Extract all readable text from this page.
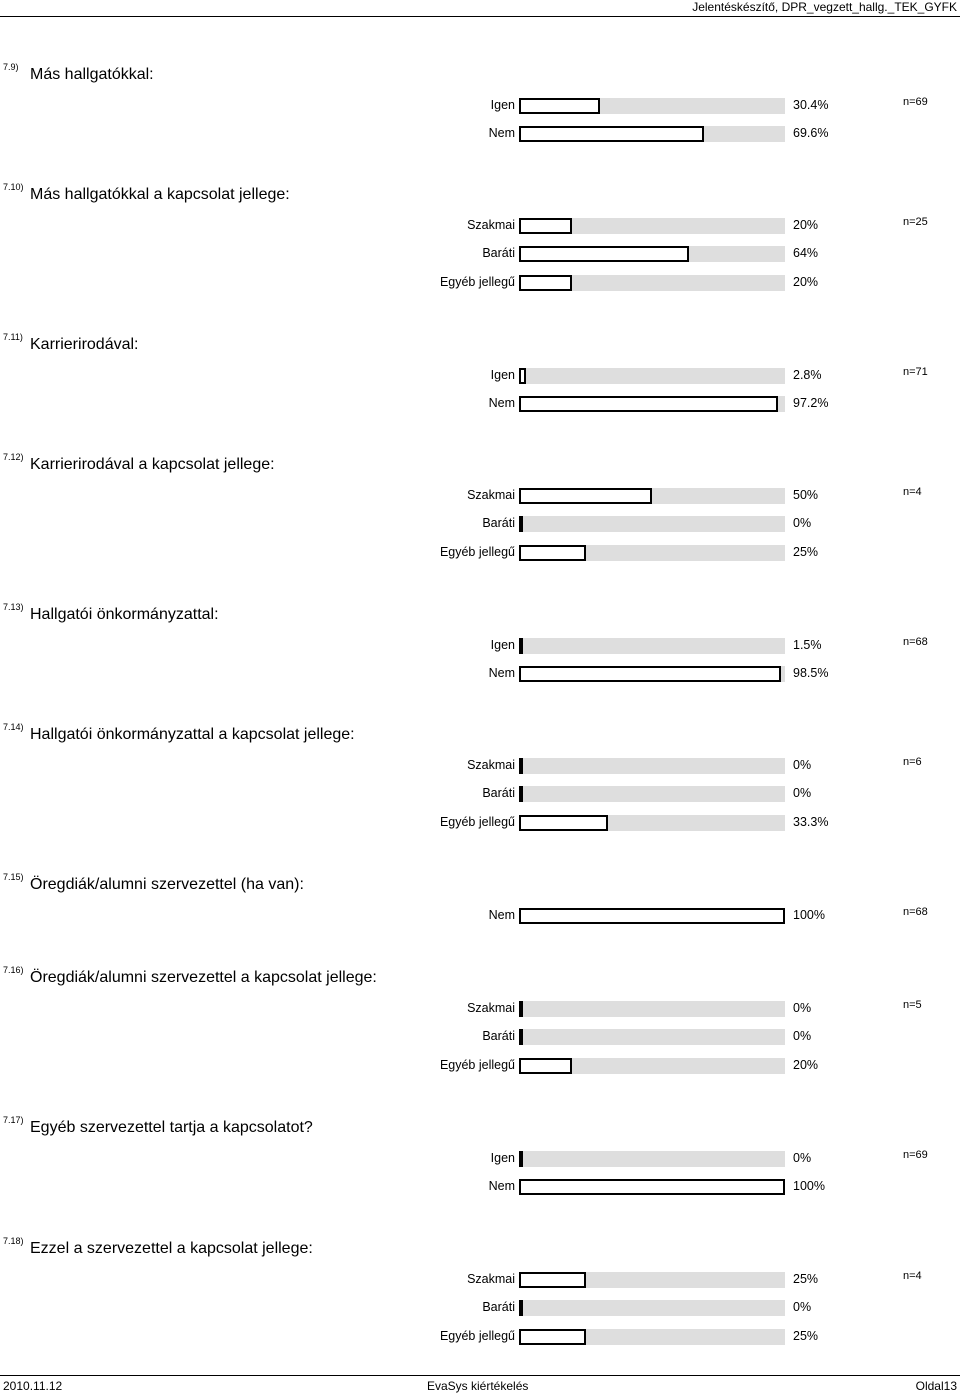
Jelentéskészítő, DPR_vegzett_hallg._TEK_GYFK
7.9) Más hallgatókkal:
Igen	30.4%	n=69
Nem	69.6%
7.10) Más hallgatókkal a kapcsolat jellege:
Szakmai	20%	n=25
Baráti	64%
Egyéb jellegű	20%
7.11) Karrierirodával:
Igen	2.8%	n=71
Nem	97.2%
7.12) Karrierirodával a kapcsolat jellege:
Szakmai	50%	n=4
Baráti	0%
Egyéb jellegű	25%
7.13) Hallgatói önkormányzattal:
Igen	1.5%	n=68
Nem	98.5%
7.14) Hallgatói önkormányzattal a kapcsolat jellege:
Szakmai	0%	n=6
Baráti	0%
Egyéb jellegű	33.3%
7.15) Öregdiák/alumni szervezettel (ha van):
Nem	100%	n=68
7.16) Öregdiák/alumni szervezettel a kapcsolat jellege:
Szakmai	0%	n=5
Baráti	0%
Egyéb jellegű	20%
7.17) Egyéb szervezettel tartja a kapcsolatot?
Igen	0%	n=69
Nem	100%
7.18) Ezzel a szervezettel a kapcsolat jellege:
Szakmai	25%	n=4
Baráti	0%
Egyéb jellegű	25%
2010.11.12	EvaSys kiértékelés	Oldal13
